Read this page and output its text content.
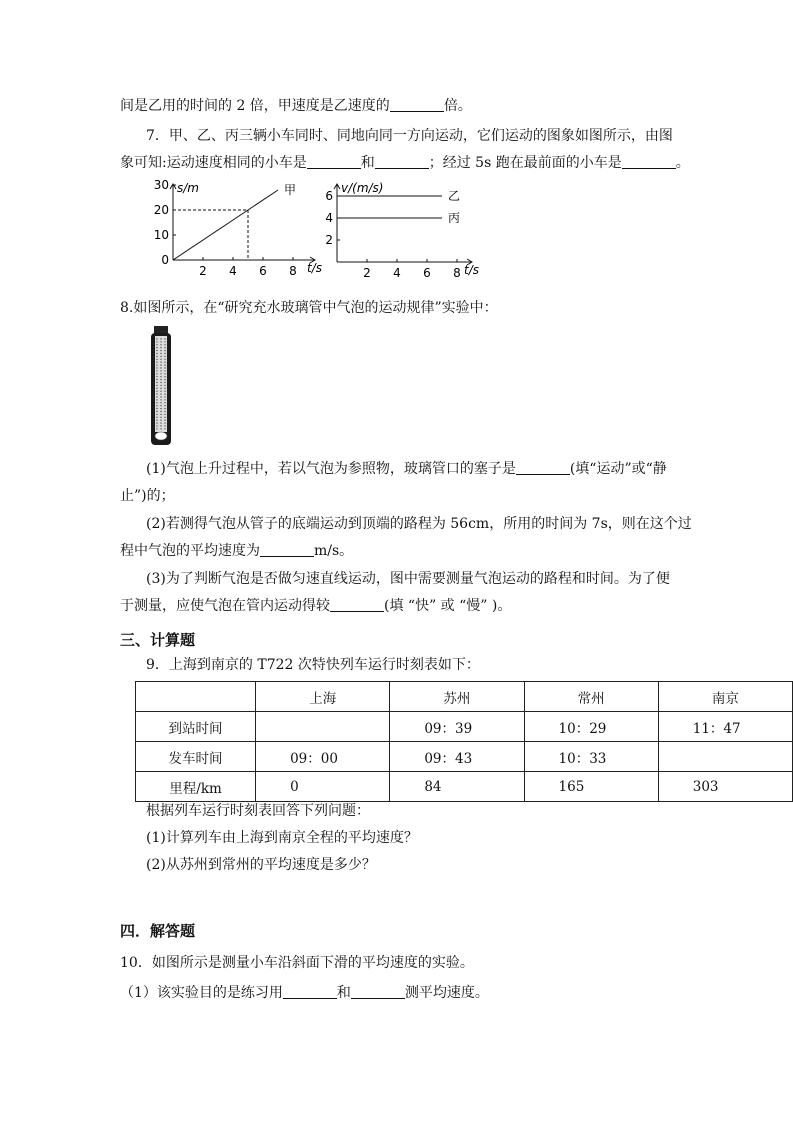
间是乙用的时间的 2 倍，甲速度是乙速度的	倍。
7．甲、乙、丙三辆小车同时、同地向同一方向运动，它们运动的图象如图所示，由图
象可知:运动速度相同的小车是	和	；经过 5s 跑在最前面的小车是	。
2 4 6 8
0
10
20
30 s/m
t/s
甲
2 4 6 8
2
4
6
v/(m/s)
t/s
乙
丙
8.如图所示，在“研究充水玻璃管中气泡的运动规律”实验中：
(1)气泡上升过程中，若以气泡为参照物，玻璃管口的塞子是	(填“运动”或“静
止”)的；
(2)若测得气泡从管子的底端运动到顶端的路程为 56cm，所用的时间为 7s，则在这个过
程中气泡的平均速度为	m/s。
(3)为了判断气泡是否做匀速直线运动，图中需要测量气泡运动的路程和时间。为了便
于测量，应使气泡在管内运动得较	(填 “快” 或 “慢” )。
三、计算题
9．上海到南京的 T722 次特快列车运行时刻表如下：
	上海	苏州	常州	南京
到站时间		09：39	10：29	11：47
发车时间	09：00	09：43	10：33	
里程/km	0	84	165	303
根据列车运行时刻表回答下列问题：
(1)计算列车由上海到南京全程的平均速度？
(2)从苏州到常州的平均速度是多少？
四．解答题
10．如图所示是测量小车沿斜面下滑的平均速度的实验。
（1）该实验目的是练习用	和	测平均速度。
